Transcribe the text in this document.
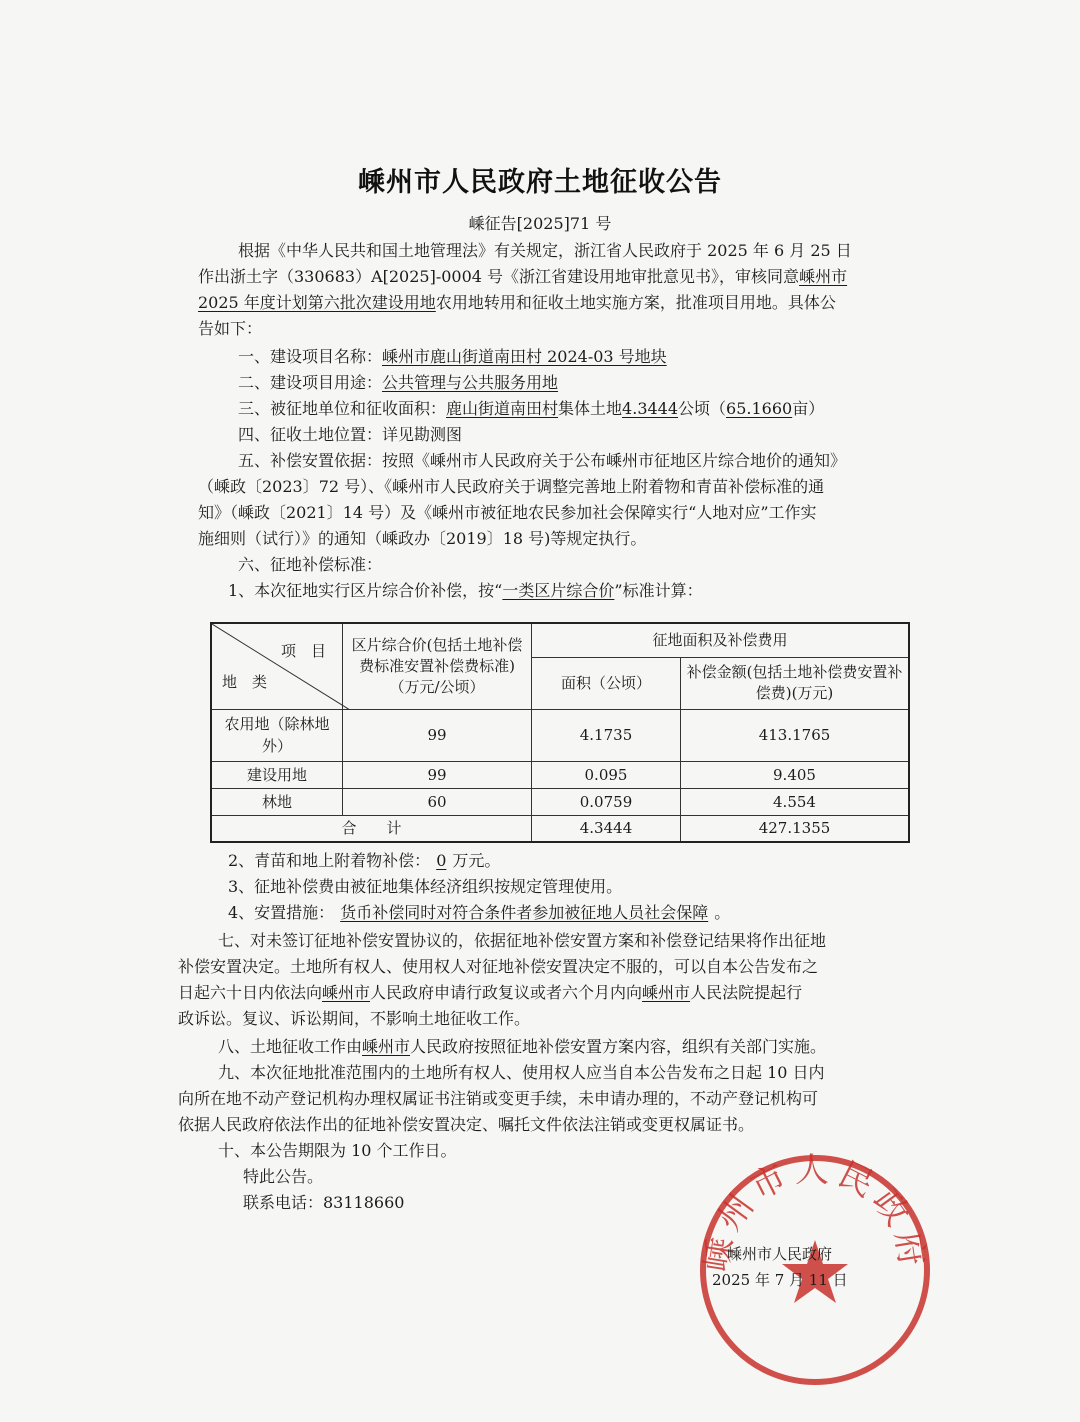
嵊州市人民政府土地征收公告
嵊征告[2025]71 号
根据《中华人民共和国土地管理法》有关规定，浙江省人民政府于 2025 年 6 月 25 日
作出浙土字（330683）A[2025]-0004 号《浙江省建设用地审批意见书》，审核同意嵊州市
2025 年度计划第六批次建设用地农用地转用和征收土地实施方案，批准项目用地。具体公
告如下：
一、建设项目名称：嵊州市鹿山街道南田村 2024-03 号地块
二、建设项目用途：公共管理与公共服务用地
三、被征地单位和征收面积：鹿山街道南田村集体土地4.3444公顷（65.1660亩）
四、征收土地位置：详见勘测图
五、补偿安置依据：按照《嵊州市人民政府关于公布嵊州市征地区片综合地价的通知》
（嵊政〔2023〕72 号）、《嵊州市人民政府关于调整完善地上附着物和青苗补偿标准的通
知》（嵊政〔2021〕14 号）及《嵊州市被征地农民参加社会保障实行“人地对应”工作实
施细则（试行）》的通知（嵊政办〔2019〕18 号)等规定执行。
六、征地补偿标准：
1、本次征地实行区片综合价补偿，按“一类区片综合价”标准计算：
项　目
地　类	区片综合价(包括土地补偿费标准安置补偿费标准)（万元/公顷）	征地面积及补偿费用	
		面积（公顷）	补偿金额(包括土地补偿费安置补偿费)(万元)
农用地（除林地外）	99	4.1735	413.1765
建设用地	99	0.095	9.405
林地	60	0.0759	4.554
合　　计		4.3444	427.1355
2、青苗和地上附着物补偿： 0 万元。
3、征地补偿费由被征地集体经济组织按规定管理使用。
4、安置措施： 货币补偿同时对符合条件者参加被征地人员社会保障 。
七、对未签订征地补偿安置协议的，依据征地补偿安置方案和补偿登记结果将作出征地
补偿安置决定。土地所有权人、使用权人对征地补偿安置决定不服的，可以自本公告发布之
日起六十日内依法向嵊州市人民政府申请行政复议或者六个月内向嵊州市人民法院提起行
政诉讼。复议、诉讼期间，不影响土地征收工作。
八、土地征收工作由嵊州市人民政府按照征地补偿安置方案内容，组织有关部门实施。
九、本次征地批准范围内的土地所有权人、使用权人应当自本公告发布之日起 10 日内
向所在地不动产登记机构办理权属证书注销或变更手续，未申请办理的，不动产登记机构可
依据人民政府依法作出的征地补偿安置决定、嘱托文件依法注销或变更权属证书。
十、本公告期限为 10 个工作日。
特此公告。
联系电话：83118660
嵊州市人民政府
嵊州市人民政府
2025 年 7 月 11 日
